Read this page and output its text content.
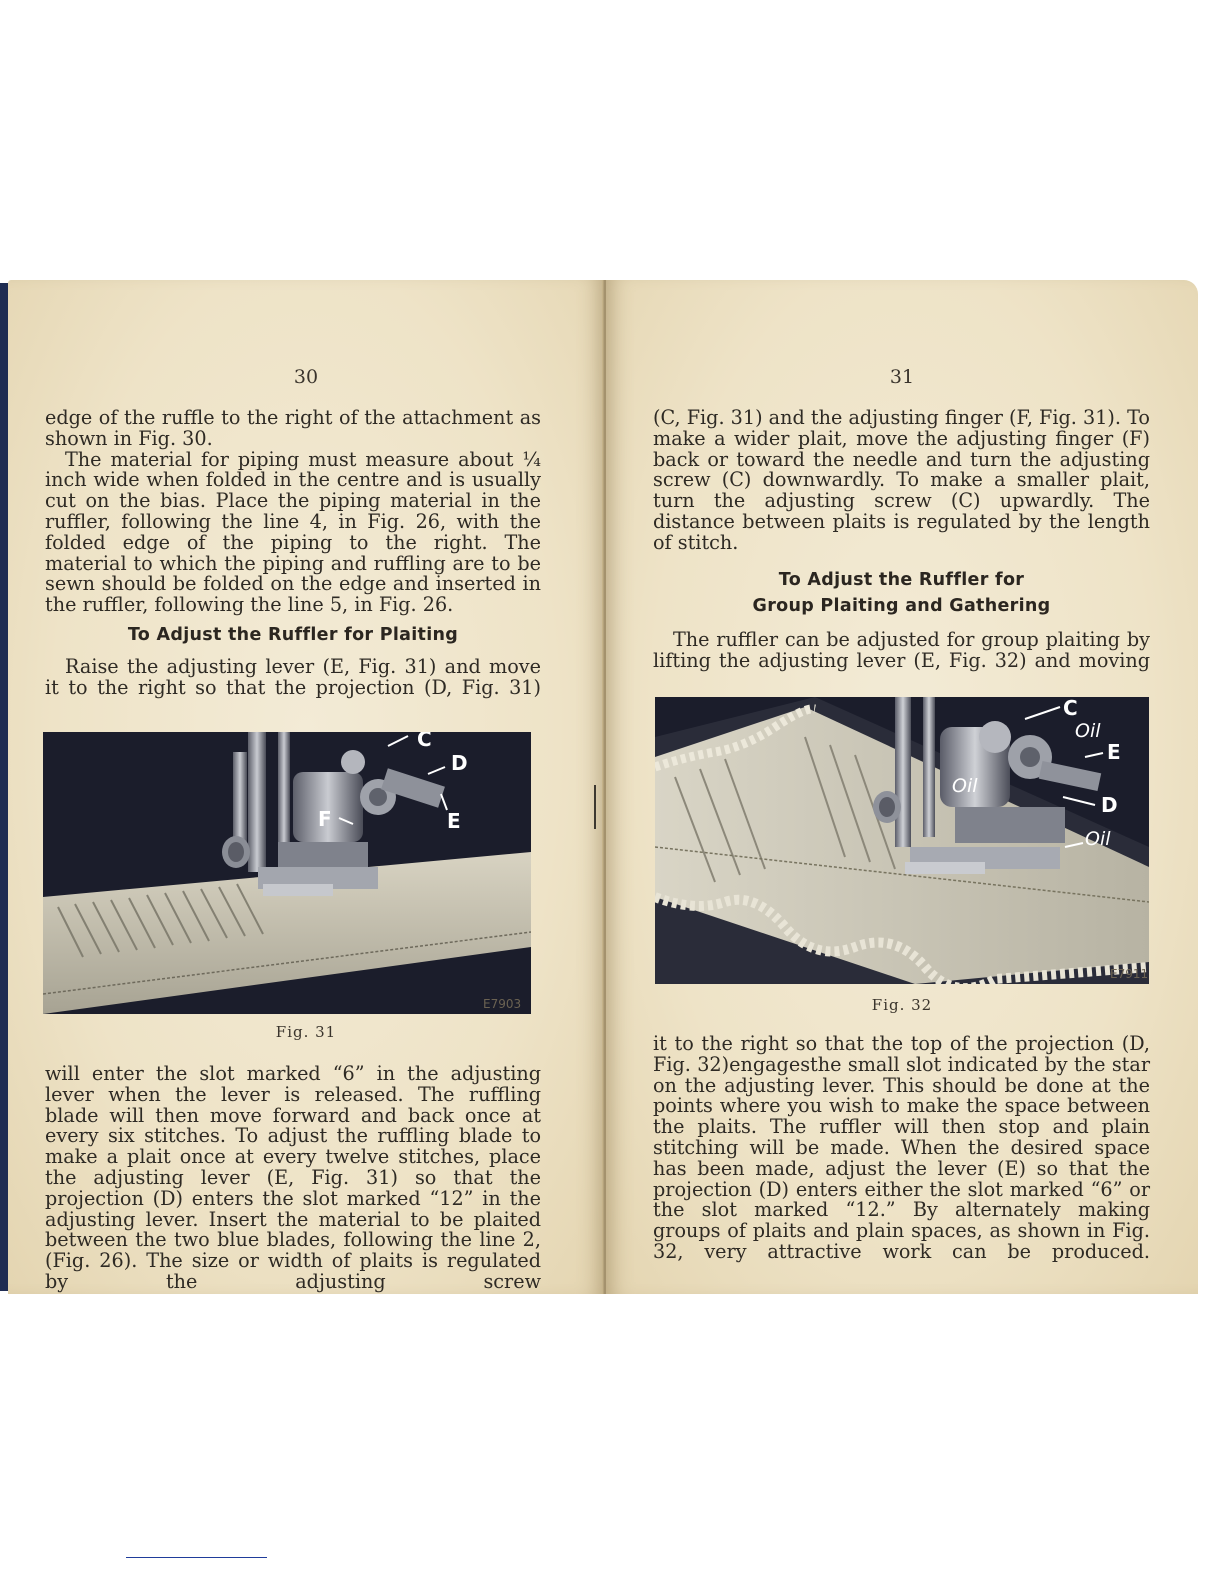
30

edge of the ruffle to the right of the attachment as shown in Fig. 30.

The material for piping must measure about ¼ inch wide when folded in the centre and is usually cut on the bias. Place the piping material in the ruffler, following the line 4, in Fig. 26, with the folded edge of the piping to the right. The material to which the piping and ruffling are to be sewn should be folded on the edge and inserted in the ruffler, following the line 5, in Fig. 26.

To Adjust the Ruffler for Plaiting

Raise the adjusting lever (E, Fig. 31) and move it to the right so that the projection (D, Fig. 31)

C
D
E
F
E7903
Fig. 31

will enter the slot marked “6” in the adjusting lever when the lever is released. The ruffling blade will then move forward and back once at every six stitches. To adjust the ruffling blade to make a plait once at every twelve stitches, place the adjusting lever (E, Fig. 31) so that the projection (D) enters the slot marked “12” in the adjusting lever. Insert the material to be plaited between the two blue blades, following the line 2, (Fig. 26). The size or width of plaits is regulated by the adjusting screw

31

(C, Fig. 31) and the adjusting finger (F, Fig. 31). To make a wider plait, move the adjusting finger (F) back or toward the needle and turn the adjusting screw (C) downwardly. To make a smaller plait, turn the adjusting screw (C) upwardly. The distance between plaits is regulated by the length of stitch.

To Adjust the Ruffler for
Group Plaiting and Gathering

The ruffler can be adjusted for group plaiting by lifting the adjusting lever (E, Fig. 32) and moving

C
Oil
E
Oil
D
Oil
E7911
Fig. 32

it to the right so that the top of the projection (D, Fig. 32)engagesthe small slot indicated by the star on the adjusting lever. This should be done at the points where you wish to make the space between the plaits. The ruffler will then stop and plain stitching will be made. When the desired space has been made, adjust the lever (E) so that the projection (D) enters either the slot marked “6” or the slot marked “12.” By alternately making groups of plaits and plain spaces, as shown in Fig. 32, very attractive work can be produced.
